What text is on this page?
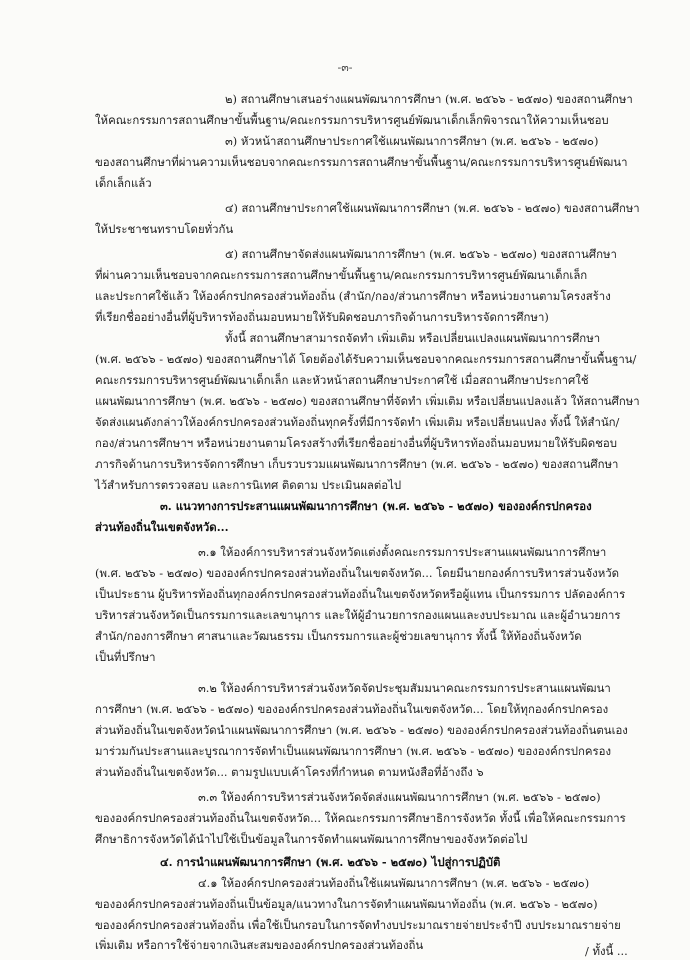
-๓-
๒) สถานศึกษาเสนอร่างแผนพัฒนาการศึกษา (พ.ศ. ๒๕๖๖ - ๒๕๗๐) ของสถานศึกษา
ให้คณะกรรมการสถานศึกษาขั้นพื้นฐาน/คณะกรรมการบริหารศูนย์พัฒนาเด็กเล็กพิจารณาให้ความเห็นชอบ
๓) หัวหน้าสถานศึกษาประกาศใช้แผนพัฒนาการศึกษา (พ.ศ. ๒๕๖๖ - ๒๕๗๐)
ของสถานศึกษาที่ผ่านความเห็นชอบจากคณะกรรมการสถานศึกษาขั้นพื้นฐาน/คณะกรรมการบริหารศูนย์พัฒนา
เด็กเล็กแล้ว
๔) สถานศึกษาประกาศใช้แผนพัฒนาการศึกษา (พ.ศ. ๒๕๖๖ - ๒๕๗๐) ของสถานศึกษา
ให้ประชาชนทราบโดยทั่วกัน
๕) สถานศึกษาจัดส่งแผนพัฒนาการศึกษา (พ.ศ. ๒๕๖๖ - ๒๕๗๐) ของสถานศึกษา
ที่ผ่านความเห็นชอบจากคณะกรรมการสถานศึกษาขั้นพื้นฐาน/คณะกรรมการบริหารศูนย์พัฒนาเด็กเล็ก
และประกาศใช้แล้ว ให้องค์กรปกครองส่วนท้องถิ่น (สำนัก/กอง/ส่วนการศึกษา หรือหน่วยงานตามโครงสร้าง
ที่เรียกชื่ออย่างอื่นที่ผู้บริหารท้องถิ่นมอบหมายให้รับผิดชอบภารกิจด้านการบริหารจัดการศึกษา)
ทั้งนี้ สถานศึกษาสามารถจัดทำ เพิ่มเติม หรือเปลี่ยนแปลงแผนพัฒนาการศึกษา
(พ.ศ. ๒๕๖๖ - ๒๕๗๐) ของสถานศึกษาได้ โดยต้องได้รับความเห็นชอบจากคณะกรรมการสถานศึกษาขั้นพื้นฐาน/
คณะกรรมการบริหารศูนย์พัฒนาเด็กเล็ก และหัวหน้าสถานศึกษาประกาศใช้ เมื่อสถานศึกษาประกาศใช้
แผนพัฒนาการศึกษา (พ.ศ. ๒๕๖๖ - ๒๕๗๐) ของสถานศึกษาที่จัดทำ เพิ่มเติม หรือเปลี่ยนแปลงแล้ว ให้สถานศึกษา
จัดส่งแผนดังกล่าวให้องค์กรปกครองส่วนท้องถิ่นทุกครั้งที่มีการจัดทำ เพิ่มเติม หรือเปลี่ยนแปลง ทั้งนี้ ให้สำนัก/
กอง/ส่วนการศึกษาฯ หรือหน่วยงานตามโครงสร้างที่เรียกชื่ออย่างอื่นที่ผู้บริหารท้องถิ่นมอบหมายให้รับผิดชอบ
ภารกิจด้านการบริหารจัดการศึกษา เก็บรวบรวมแผนพัฒนาการศึกษา (พ.ศ. ๒๕๖๖ - ๒๕๗๐) ของสถานศึกษา
ไว้สำหรับการตรวจสอบ และการนิเทศ ติดตาม ประเมินผลต่อไป
๓. แนวทางการประสานแผนพัฒนาการศึกษา (พ.ศ. ๒๕๖๖ - ๒๕๗๐) ขององค์กรปกครอง
ส่วนท้องถิ่นในเขตจังหวัด...
๓.๑ ให้องค์การบริหารส่วนจังหวัดแต่งตั้งคณะกรรมการประสานแผนพัฒนาการศึกษา
(พ.ศ. ๒๕๖๖ - ๒๕๗๐) ขององค์กรปกครองส่วนท้องถิ่นในเขตจังหวัด... โดยมีนายกองค์การบริหารส่วนจังหวัด
เป็นประธาน ผู้บริหารท้องถิ่นทุกองค์กรปกครองส่วนท้องถิ่นในเขตจังหวัดหรือผู้แทน เป็นกรรมการ ปลัดองค์การ
บริหารส่วนจังหวัดเป็นกรรมการและเลขานุการ และให้ผู้อำนวยการกองแผนและงบประมาณ และผู้อำนวยการ
สำนัก/กองการศึกษา ศาสนาและวัฒนธรรม เป็นกรรมการและผู้ช่วยเลขานุการ ทั้งนี้ ให้ท้องถิ่นจังหวัด
เป็นที่ปรึกษา
๓.๒ ให้องค์การบริหารส่วนจังหวัดจัดประชุมสัมมนาคณะกรรมการประสานแผนพัฒนา
การศึกษา (พ.ศ. ๒๕๖๖ - ๒๕๗๐) ขององค์กรปกครองส่วนท้องถิ่นในเขตจังหวัด... โดยให้ทุกองค์กรปกครอง
ส่วนท้องถิ่นในเขตจังหวัดนำแผนพัฒนาการศึกษา (พ.ศ. ๒๕๖๖ - ๒๕๗๐) ขององค์กรปกครองส่วนท้องถิ่นตนเอง
มาร่วมกันประสานและบูรณาการจัดทำเป็นแผนพัฒนาการศึกษา (พ.ศ. ๒๕๖๖ - ๒๕๗๐) ขององค์กรปกครอง
ส่วนท้องถิ่นในเขตจังหวัด... ตามรูปแบบเค้าโครงที่กำหนด ตามหนังสือที่อ้างถึง ๖
๓.๓ ให้องค์การบริหารส่วนจังหวัดจัดส่งแผนพัฒนาการศึกษา (พ.ศ. ๒๕๖๖ - ๒๕๗๐)
ขององค์กรปกครองส่วนท้องถิ่นในเขตจังหวัด... ให้คณะกรรมการศึกษาธิการจังหวัด ทั้งนี้ เพื่อให้คณะกรรมการ
ศึกษาธิการจังหวัดได้นำไปใช้เป็นข้อมูลในการจัดทำแผนพัฒนาการศึกษาของจังหวัดต่อไป
๔. การนำแผนพัฒนาการศึกษา (พ.ศ. ๒๕๖๖ - ๒๕๗๐) ไปสู่การปฏิบัติ
๔.๑ ให้องค์กรปกครองส่วนท้องถิ่นใช้แผนพัฒนาการศึกษา (พ.ศ. ๒๕๖๖ - ๒๕๗๐)
ขององค์กรปกครองส่วนท้องถิ่นเป็นข้อมูล/แนวทางในการจัดทำแผนพัฒนาท้องถิ่น (พ.ศ. ๒๕๖๖ - ๒๕๗๐)
ขององค์กรปกครองส่วนท้องถิ่น เพื่อใช้เป็นกรอบในการจัดทำงบประมาณรายจ่ายประจำปี งบประมาณรายจ่าย
เพิ่มเติม หรือการใช้จ่ายจากเงินสะสมขององค์กรปกครองส่วนท้องถิ่น	/ ทั้งนี้ ...
